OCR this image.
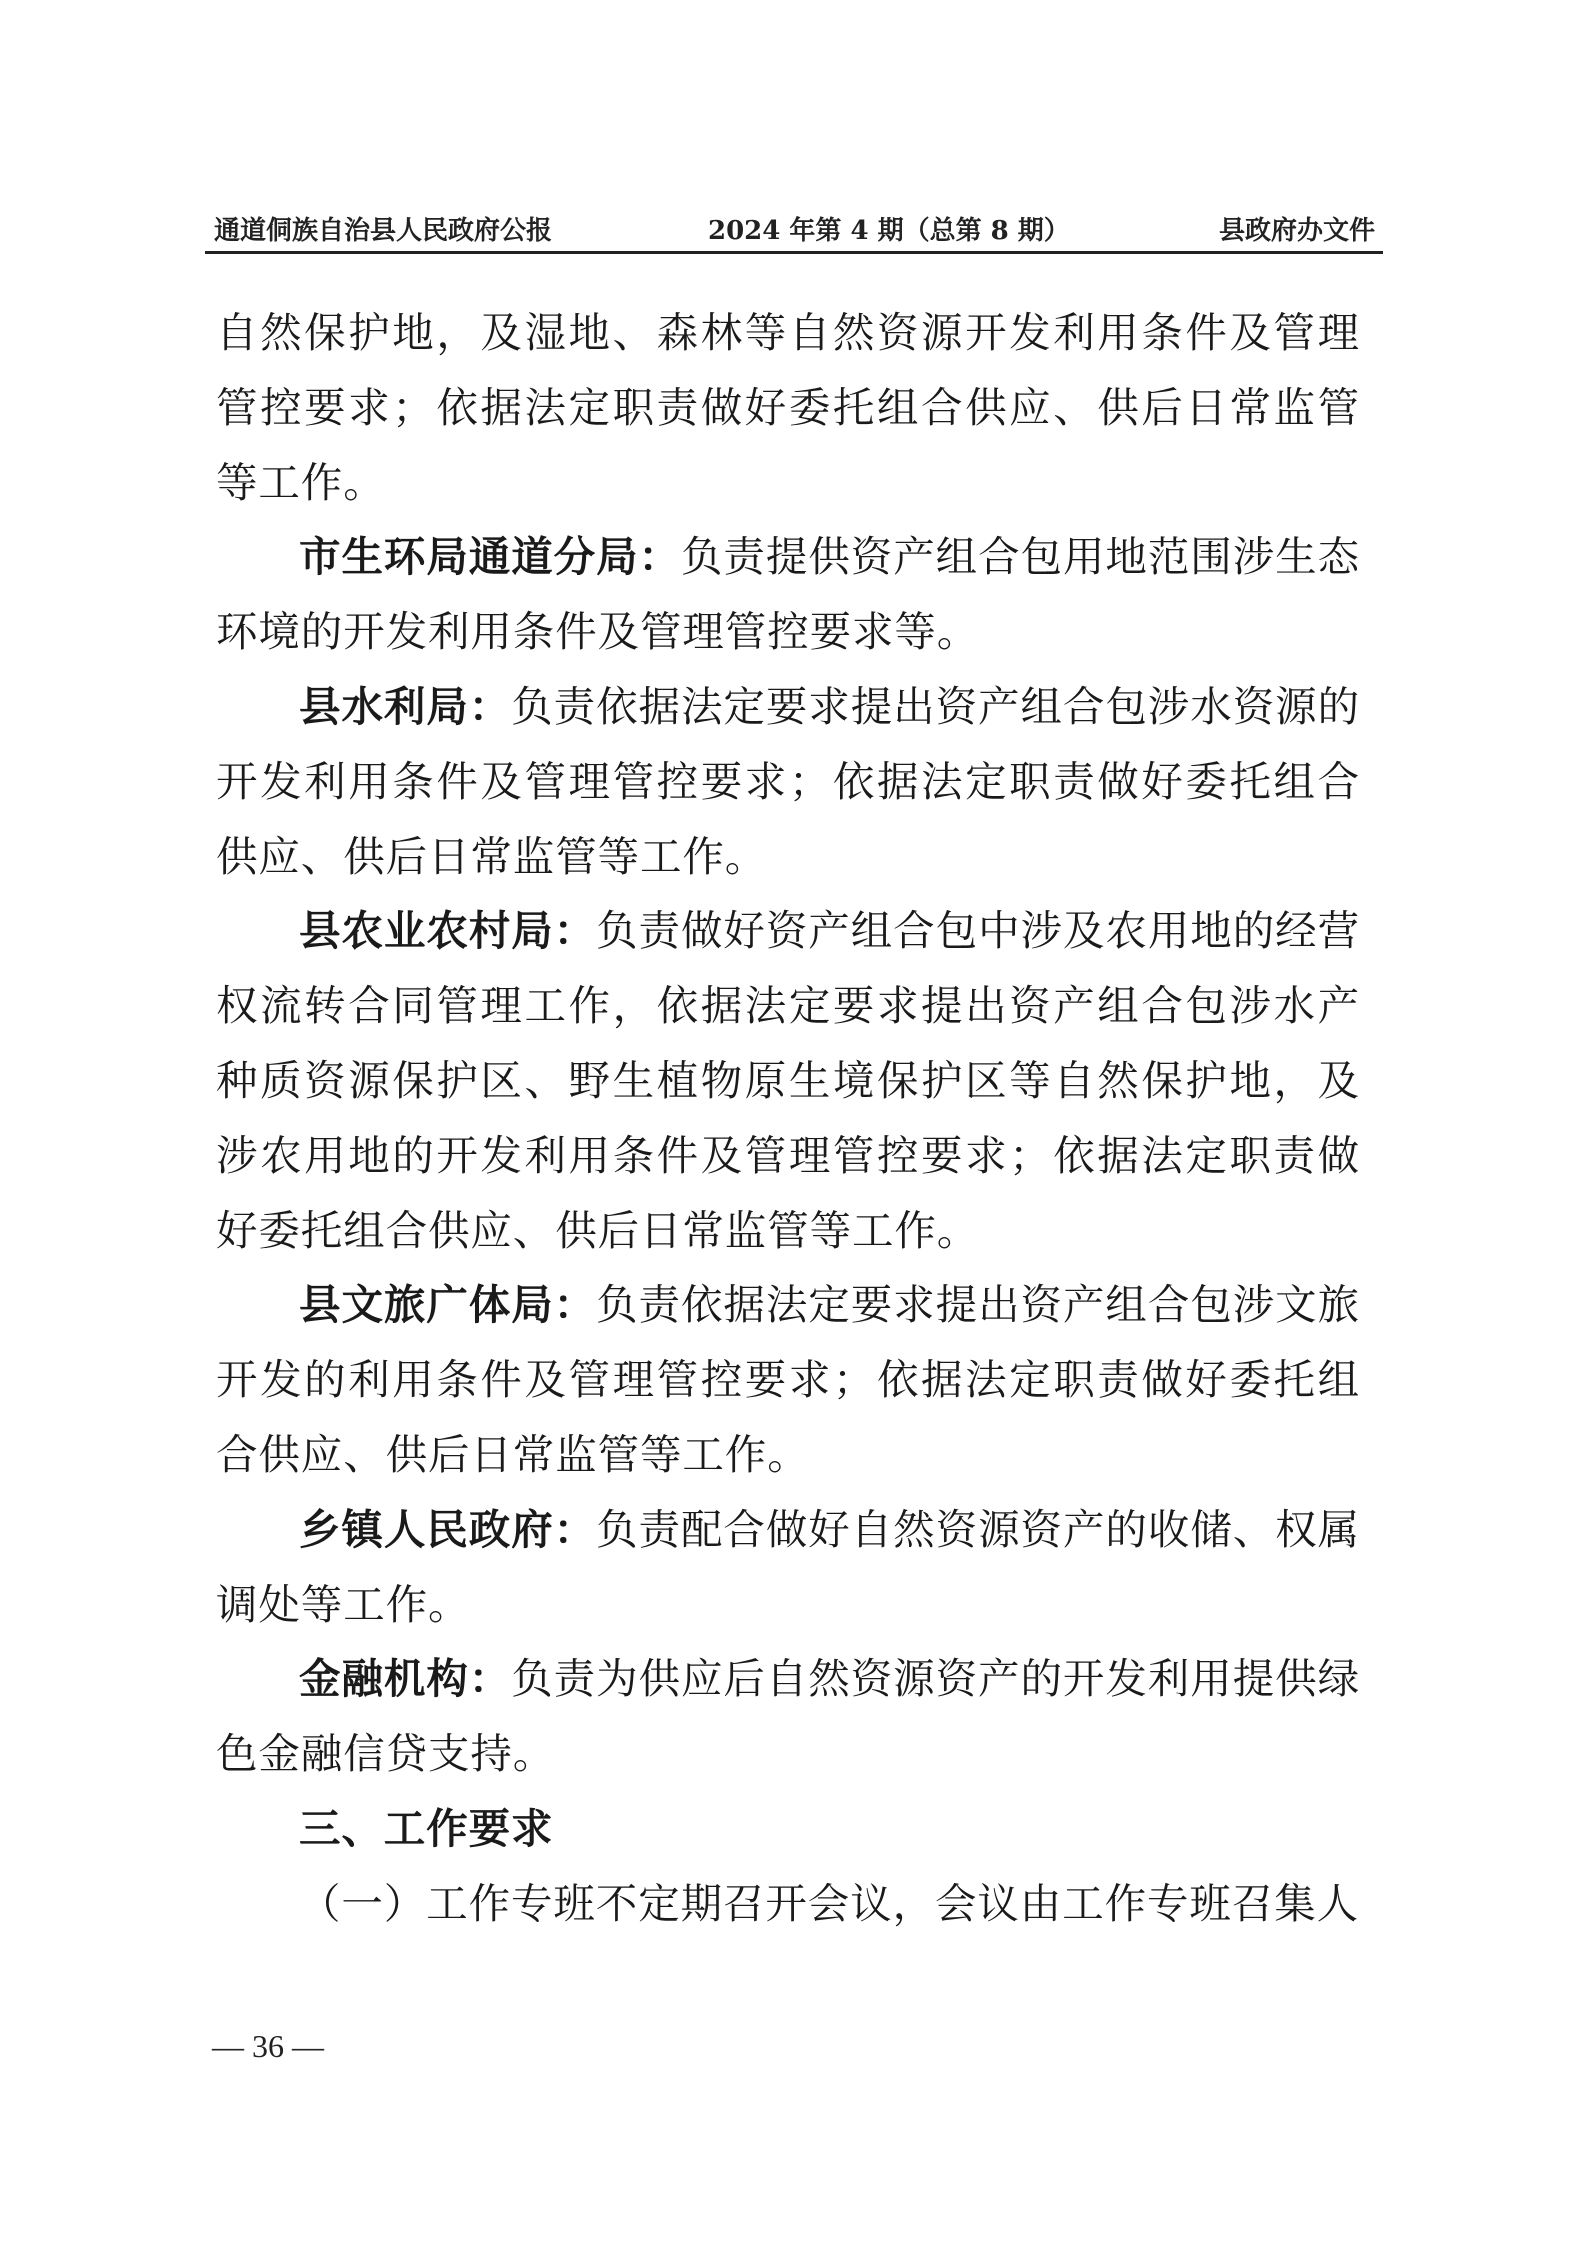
通道侗族自治县人民政府公报	2024 年第 4 期（总第 8 期）	县政府办文件

自然保护地，及湿地、森林等自然资源开发利用条件及管理管控要求；依据法定职责做好委托组合供应、供后日常监管等工作。

市生环局通道分局：负责提供资产组合包用地范围涉生态环境的开发利用条件及管理管控要求等。

县水利局：负责依据法定要求提出资产组合包涉水资源的开发利用条件及管理管控要求；依据法定职责做好委托组合供应、供后日常监管等工作。

县农业农村局：负责做好资产组合包中涉及农用地的经营权流转合同管理工作，依据法定要求提出资产组合包涉水产种质资源保护区、野生植物原生境保护区等自然保护地，及涉农用地的开发利用条件及管理管控要求；依据法定职责做好委托组合供应、供后日常监管等工作。

县文旅广体局：负责依据法定要求提出资产组合包涉文旅开发的利用条件及管理管控要求；依据法定职责做好委托组合供应、供后日常监管等工作。

乡镇人民政府：负责配合做好自然资源资产的收储、权属调处等工作。

金融机构：负责为供应后自然资源资产的开发利用提供绿色金融信贷支持。

三、工作要求

（一）工作专班不定期召开会议，会议由工作专班召集人

— 36 —
